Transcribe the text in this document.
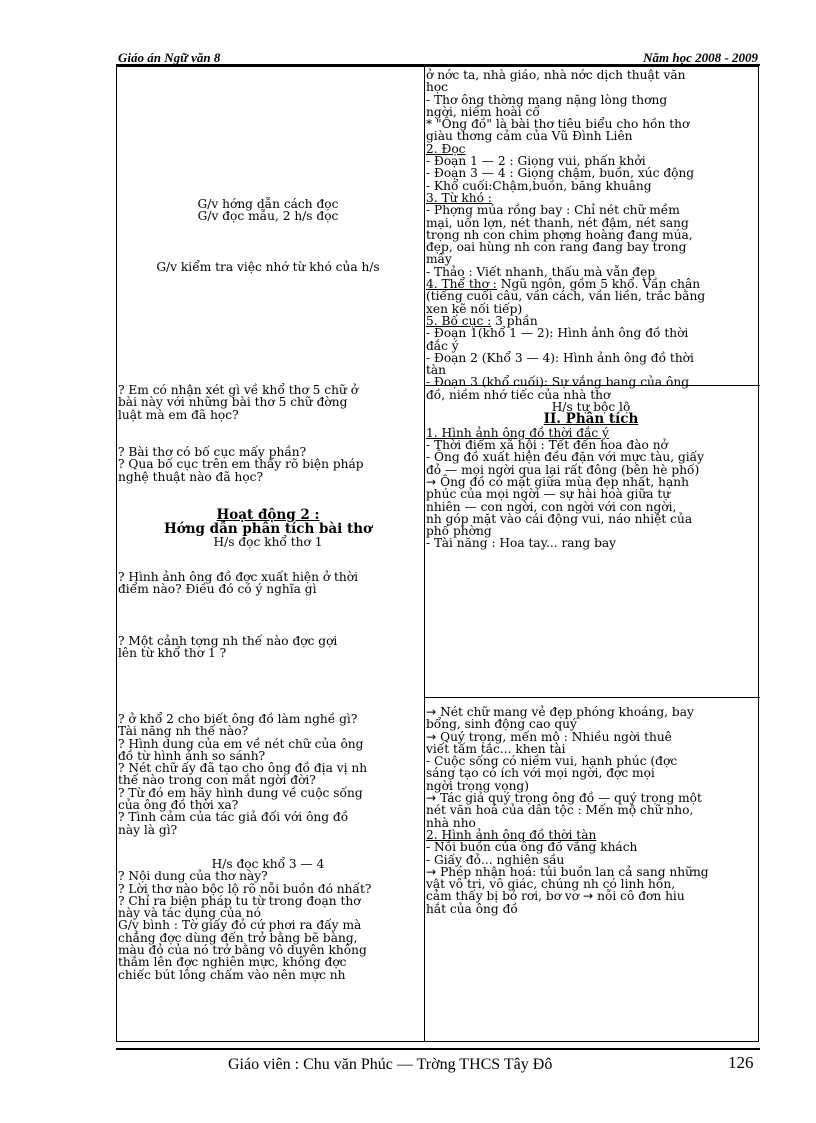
Giáo án Ngữ văn 8	Năm học 2008 - 2009
G/v hớng dẫn cách đọc
G/v đọc mẫu, 2 h/s đọc
G/v kiểm tra việc nhớ từ khó của h/s
? Em có nhận xét gì về khổ thơ 5 chữ ở
bài này với những bài thơ 5 chữ đờng
luật mà em đã học?
? Bài thơ có bố cục mấy phần?
? Qua bố cục trên em thấy rõ biện pháp
nghệ thuật nào đã học?
Hoạt động 2 :
Hớng dẫn phân tích bài thơ
H/s đọc khổ thơ 1
? Hình ảnh ông đồ đợc xuất hiện ở thời
điểm nào? Điều đó có ý nghĩa gì
? Một cảnh tợng nh thế nào đợc gợi
lên từ khổ thơ 1 ?
? ở khổ 2 cho biết ông đồ làm nghề gì?
Tài năng nh thế nào?
? Hình dung của em về nét chữ của ông
đồ từ hình ảnh so sánh?
? Nét chữ ấy đã tạo cho ông đồ địa vị nh
thế nào trong con mắt ngời đời?
? Từ đó em hãy hình dung về cuộc sống
của ông đồ thời xa?
? Tình cảm của tác giả đối với ông đồ
này là gì?
H/s đọc khổ 3 — 4
? Nội dung của thơ này?
? Lời thơ nào bộc lộ rõ nỗi buồn đó nhất?
? Chỉ ra biện pháp tu từ trong đoạn thơ
này và tác dụng của nó
G/v bình : Tờ giấy đỏ cứ phơi ra đấy mà
chẳng đợc dùng đến trở bằng bẽ bàng,
màu đỏ của nó trở bằng vô duyên không
thắm lên đợc nghiên mực, không đợc
chiếc bút lông chấm vào nên mực nh
ở nớc ta, nhà giáo, nhà nớc dịch thuật văn
học
- Thơ ông thờng mang nặng lòng thơng
ngời, niềm hoài cổ
* "Ông đồ" là bài thơ tiêu biểu cho hồn thơ
giàu thơng cảm của Vũ Đình Liên
2. Đọc
- Đoạn 1 — 2 : Giọng vui, phấn khởi
- Đoạn 3 — 4 : Giọng chậm, buồn, xúc động
- Khổ cuối:Chậm,buồn, băng khuâng
3. Từ khó :
- Phợng múa rồng bay : Chỉ nét chữ mềm
mại, uốn lợn, nét thanh, nét đậm, nét sang
trọng nh con chim phợng hoàng đang múa,
đẹp, oai hùng nh con rang đang bay trong
mây
- Thảo : Viết nhanh, thấu mà vẫn đẹp
4. Thể thơ : Ngũ ngôn, gồm 5 khổ. Vần chân
(tiếng cuối câu, vần cách, vần liền, trắc bằng
xen kẽ nối tiếp)
5. Bố cục : 3 phần
- Đoạn 1(khổ 1 — 2): Hình ảnh ông đồ thời
đắc ý
- Đoạn 2 (Khổ 3 — 4): Hình ảnh ông đồ thời
tàn
- Đoạn 3 (khổ cuối): Sự vắng bang của ông
đồ, niềm nhớ tiếc của nhà thơ
H/s tự bộc lộ
II. Phân tích
1. Hình ảnh ông đồ thời đắc ý
- Thời điểm xã hội : Tết đến hoa đào nở
- Ông đồ xuất hiện đều đặn với mực tàu, giấy
đỏ — mọi ngời qua lại rất đông (bên hè phố)
→ Ông đồ có mặt giữa mùa đẹp nhất, hạnh
phúc của mọi ngời — sự hài hoà giữa tự
nhiên — con ngời, con ngời với con ngời,
nh góp mặt vào cái động vui, náo nhiệt của
phố phờng
- Tài năng : Hoa tay... rang bay
→ Nét chữ mang vẻ đẹp phóng khoáng, bay
bổng, sinh động cao quý
→ Quý trọng, mến mộ : Nhiều ngời thuê
viết tấm tắc... khen tài
- Cuộc sống có niềm vui, hạnh phúc (đợc
sáng tạo có ích với mọi ngời, đợc mọi
ngời trọng vọng)
→ Tác giả quý trọng ông đồ — quý trọng một
nét văn hoá của dân tộc : Mến mộ chữ nho,
nhà nho
2. Hình ảnh ông đồ thời tàn
- Nỗi buồn của ông đồ vắng khách
- Giấy đỏ... nghiên sầu
→ Phép nhận hoá: tủi buồn lan cả sang những
vật vô tri, vô giác, chúng nh có linh hồn,
cảm thấy bị bỏ rơi, bơ vơ → nỗi cô đơn hiu
hắt của ông đồ
Giáo viên : Chu văn Phúc — Trờng THCS Tây Đô	126
